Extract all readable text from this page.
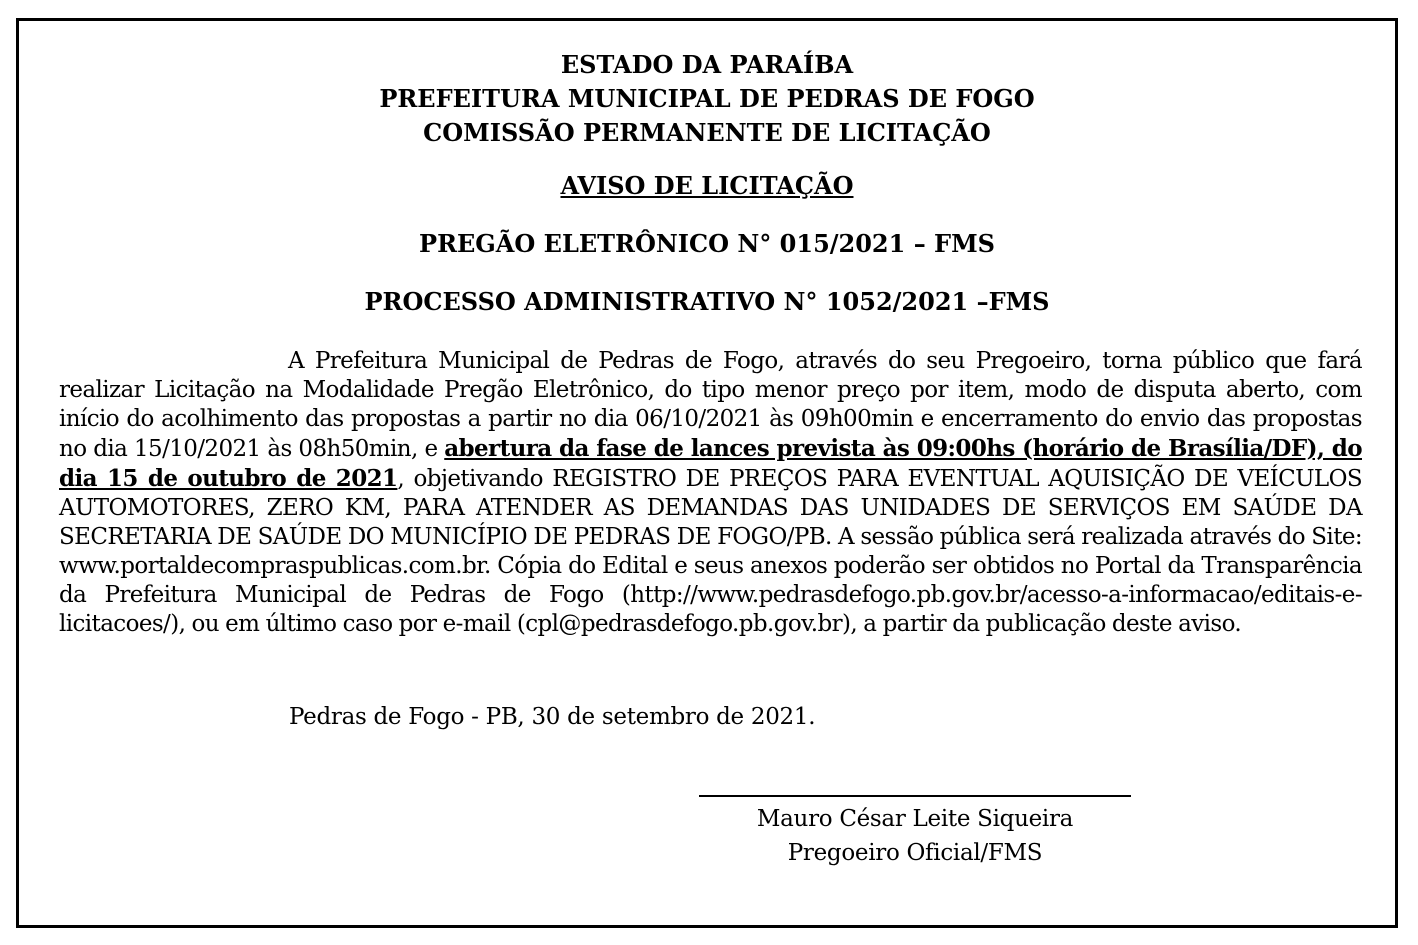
ESTADO DA PARAÍBA
PREFEITURA MUNICIPAL DE PEDRAS DE FOGO
COMISSÃO PERMANENTE DE LICITAÇÃO
AVISO DE LICITAÇÃO
PREGÃO ELETRÔNICO N° 015/2021 – FMS
PROCESSO ADMINISTRATIVO N° 1052/2021 –FMS
A Prefeitura Municipal de Pedras de Fogo, através do seu Pregoeiro, torna público que fará realizar Licitação na Modalidade Pregão Eletrônico, do tipo menor preço por item, modo de disputa aberto, com início do acolhimento das propostas a partir no dia 06/10/2021 às 09h00min e encerramento do envio das propostas no dia 15/10/2021 às 08h50min, e abertura da fase de lances prevista às 09:00hs (horário de Brasília/DF), do dia 15 de outubro de 2021, objetivando REGISTRO DE PREÇOS PARA EVENTUAL AQUISIÇÃO DE VEÍCULOS AUTOMOTORES, ZERO KM, PARA ATENDER AS DEMANDAS DAS UNIDADES DE SERVIÇOS EM SAÚDE DA SECRETARIA DE SAÚDE DO MUNICÍPIO DE PEDRAS DE FOGO/PB. A sessão pública será realizada através do Site: www.portaldecompraspublicas.com.br. Cópia do Edital e seus anexos poderão ser obtidos no Portal da Transparência da Prefeitura Municipal de Pedras de Fogo (http://www.pedrasdefogo.pb.gov.br/acesso-a-informacao/editais-e-licitacoes/), ou em último caso por e-mail (cpl@pedrasdefogo.pb.gov.br), a partir da publicação deste aviso.
Pedras de Fogo - PB, 30 de setembro de 2021.
Mauro César Leite Siqueira
Pregoeiro Oficial/FMS
